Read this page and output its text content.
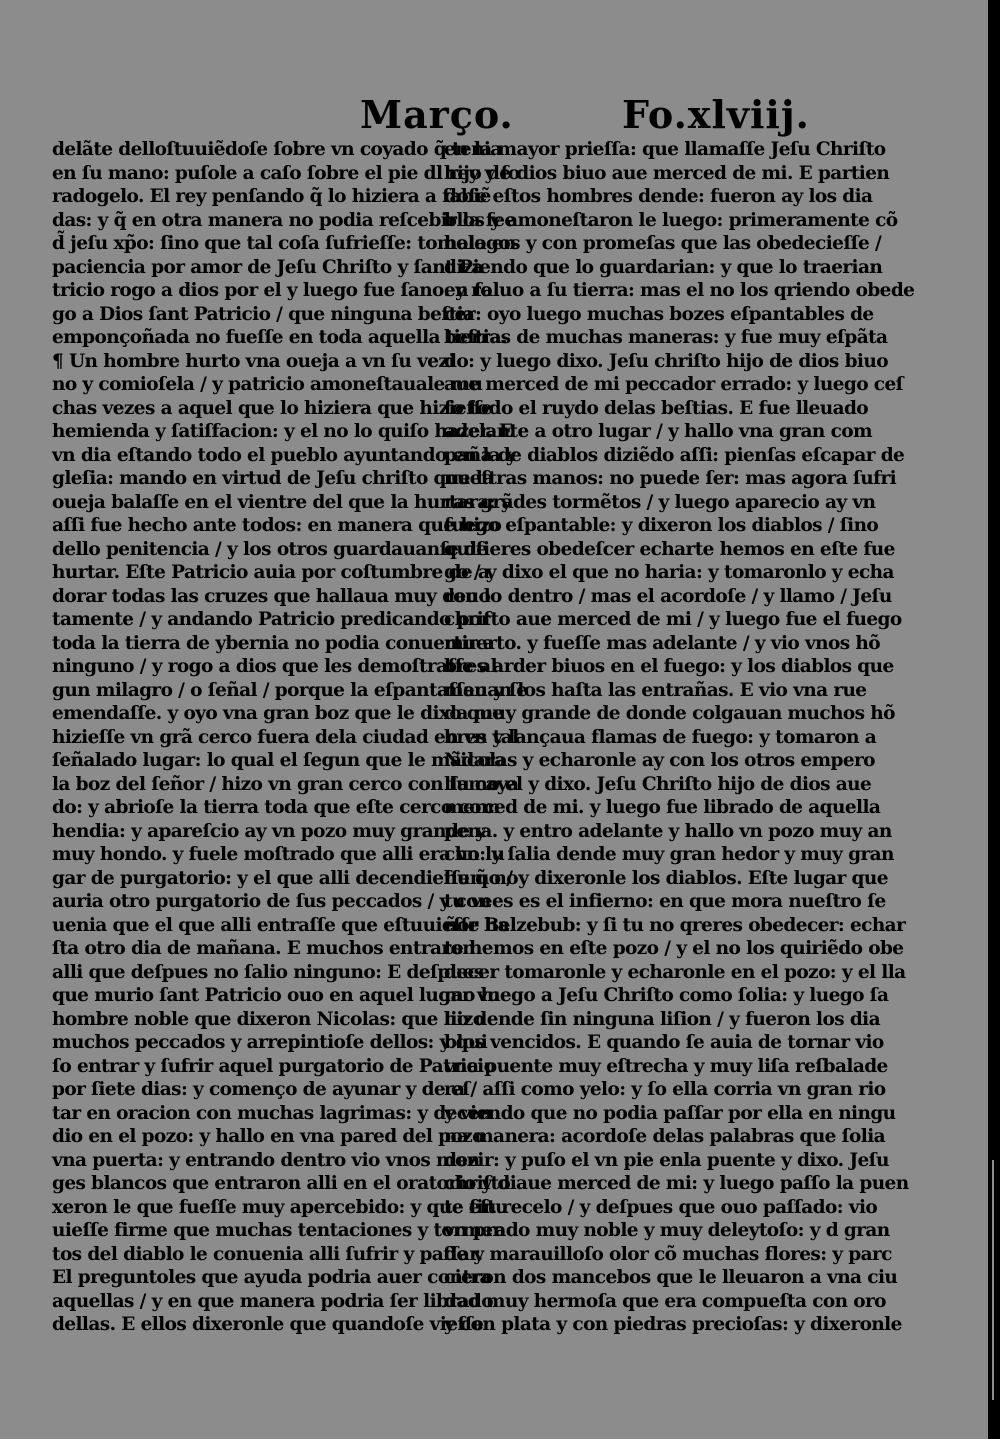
Março.	Fo.xlviij.
delãte delloſtuuiẽdoſe ſobre vn coyado q̃ tenia
en ſu mano: puſole a caſo ſobre el pie dl rey y ſo
radogelo. El rey penſando q̃ lo hiziera a ſabiẽ
das: y q̃ en otra manera no podia reſcebir la fee
d̃ jeſu xp̃o: ſino que tal coſa ſufrieſſe: tomolo en
paciencia por amor de Jeſu Chriſto y ſant Pa
tricio rogo a dios por el y luego fue ſano. y ro
go a Dios ſant Patricio / que ninguna beſtia
emponçoñada no fueſſe en toda aquella tierra.
¶ Un hombre hurto vna oueja a vn ſu vezi
no y comioſela / y patricio amoneſtauale mu
chas vezes a aquel que lo hiziera que hizieſſe
hemienda y ſatiſfacion: y el no lo quiſo hazer. E
vn dia eſtando todo el pueblo ayuntando en la y
gleſia: mando en virtud de Jeſu chriſto que la
oueja balaſſe en el vientre del que la hurtara: y
aſſi fue hecho ante todos: en manera que hizo
dello penitencia / y los otros guardauanſe de
hurtar. Eſte Patricio auia por coſtumbre de a
dorar todas las cruzes que hallaua muy deuo
tamente / y andando Patricio predicando por
toda la tierra de ybernia no podia conuertir a
ninguno / y rogo a dios que les demoſtraſſe al
gun milagro / o ſeñal / porque la eſpantaſſen y ſe
emendaſſe. y oyo vna gran boz que le dixo que
hizieſſe vn grã cerco fuera dela ciudad en vn tal
ſeñalado lugar: lo qual el ſegun que le mãdara
la boz del ſeñor / hizo vn gran cerco con ſu caya
do: y abrioſe la tierra toda que eſte cerco com
hendia: y apareſcio ay vn pozo muy grande y
muy hondo. y fuele moſtrado que alli era vn lu
gar de purgatorio: y el que alli decendieſſe q̃ no
auria otro purgatorio de ſus peccados / y con
uenia que el que alli entraſſe que eſtuuieſſe ha
ſta otro dia de mañana. E muchos entraron
alli que deſpues no ſalio ninguno: E deſpues
que murio ſant Patricio ouo en aquel lugar vn
hombre noble que dixeron Nicolas: que hizo
muchos peccados y arrepintioſe dellos: y qui
ſo entrar y ſufrir aquel purgatorio de Patricio
por ſiete dias: y començo de ayunar y de eſ
tar en oracion con muchas lagrimas: y decen
dio en el pozo: y hallo en vna pared del pozo
vna puerta: y entrando dentro vio vnos mon
ges blancos que entraron alli en el oratorio y di
xeron le que fueſſe muy apercebido: y que eſtu
uieſſe firme que muchas tentaciones y tormen
tos del diablo le conuenia alli ſufrir y paſſar.
El preguntoles que ayuda podria auer contra
aquellas / y en que manera podria ſer librado
dellas. E ellos dixeronle que quandoſe vieſſe
en la mayor prieſſa: que llamaſſe Jeſu Chriſto
hijo de dios biuo aue merced de mi. E partien
doſe eſtos hombres dende: fueron ay los dia
blos y amoneſtaron le luego: primeramente cõ
halagos y con promeſas que las obedecieſſe /
diziendo que lo guardarian: y que lo traerian
en ſaluo a ſu tierra: mas el no los qriendo obede
cer: oyo luego muchas bozes eſpantables de
beſtias de muchas maneras: y fue muy eſpãta
do: y luego dixo. Jeſu chriſto hijo de dios biuo
aue merced de mi peccador errado: y luego ceſ
ſo todo el ruydo delas beſtias. E fue lleuado
adelante a otro lugar / y hallo vna gran com
paña de diablos diziẽdo aſſi: pienſas eſcapar de
nueſtras manos: no puede ſer: mas agora ſufri
ras grãdes tormẽtos / y luego aparecio ay vn
fuego eſpantable: y dixeron los diablos / ſino
quiſieres obedeſcer echarte hemos en eſte fue
go / y dixo el que no haria: y tomaronlo y echa
ron lo dentro / mas el acordoſe / y llamo / Jeſu
chriſto aue merced de mi / y luego fue el fuego
muerto. y fueſſe mas adelante / y vio vnos hõ
bres arder biuos en el fuego: y los diablos que
mauan los haſta las entrañas. E vio vna rue
da muy grande de donde colgauan muchos hõ
bres y lançaua flamas de fuego: y tomaron a
Nicolas y echaronle ay con los otros empero
llamo el y dixo. Jeſu Chriſto hijo de dios aue
merced de mi. y luego fue librado de aquella
pena. y entro adelante y hallo vn pozo muy an
cho: y ſalia dende muy gran hedor y muy gran
humo / y dixeronle los diablos. Eſte lugar que
tu vees es el infierno: en que mora nueſtro ſe
ñor Belzebub: y ſi tu no qreres obedecer: echar
te hemos en eſte pozo / y el no los quiriẽdo obe
decer tomaronle y echaronle en el pozo: y el lla
mo luego a Jeſu Chriſto como ſolia: y luego ſa
lio dende ſin ninguna liſion / y fueron los dia
blos vencidos. E quando ſe auia de tornar vio
vna puente muy eſtrecha y muy liſa reſbalade
ra / aſſi como yelo: y ſo ella corria vn gran rio
y viendo que no podia paſſar por ella en ningu
na manera: acordoſe delas palabras que ſolia
dezir: y puſo el vn pie enla puente y dixo. Jeſu
chriſto aue merced de mi: y luego paſſo la puen
te ſin recelo / y deſpues que ouo paſſado: vio
vn prado muy noble y muy deleytoſo: y d gran
de y marauilloſo olor cõ muchas flores: y parc
cieron dos mancebos que le lleuaron a vna ciu
dad muy hermoſa que era compueſta con oro
y con plata y con piedras precioſas: y dixeronle
